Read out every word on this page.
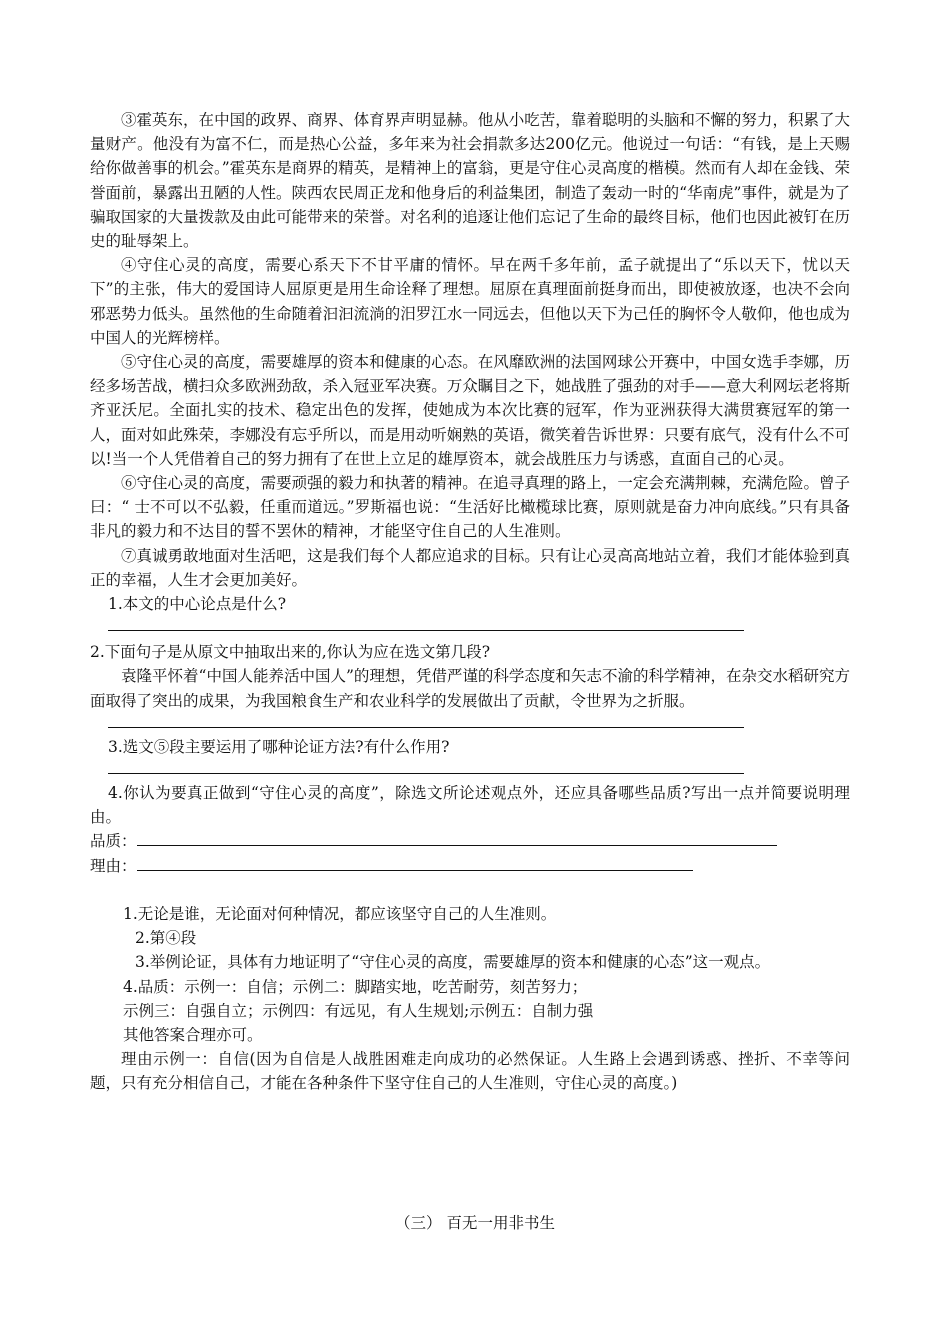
③霍英东，在中国的政界、商界、体育界声明显赫。他从小吃苦，靠着聪明的头脑和不懈的努力，积累了大量财产。他没有为富不仁，而是热心公益，多年来为社会捐款多达200亿元。他说过一句话：“有钱，是上天赐给你做善事的机会。”霍英东是商界的精英，是精神上的富翁，更是守住心灵高度的楷模。然而有人却在金钱、荣誉面前，暴露出丑陋的人性。陕西农民周正龙和他身后的利益集团，制造了轰动一时的“华南虎”事件，就是为了骗取国家的大量拨款及由此可能带来的荣誉。对名利的追逐让他们忘记了生命的最终目标，他们也因此被钉在历史的耻辱架上。

④守住心灵的高度，需要心系天下不甘平庸的情怀。早在两千多年前，孟子就提出了“乐以天下，忧以天下”的主张，伟大的爱国诗人屈原更是用生命诠释了理想。屈原在真理面前挺身而出，即使被放逐，也决不会向邪恶势力低头。虽然他的生命随着汩汩流淌的汨罗江水一同远去，但他以天下为己任的胸怀令人敬仰，他也成为中国人的光辉榜样。

⑤守住心灵的高度，需要雄厚的资本和健康的心态。在风靡欧洲的法国网球公开赛中，中国女选手李娜，历经多场苦战，横扫众多欧洲劲敌，杀入冠亚军决赛。万众瞩目之下，她战胜了强劲的对手——意大利网坛老将斯齐亚沃尼。全面扎实的技术、稳定出色的发挥，使她成为本次比赛的冠军，作为亚洲获得大满贯赛冠军的第一人，面对如此殊荣，李娜没有忘乎所以，而是用动听娴熟的英语，微笑着告诉世界：只要有底气，没有什么不可以!当一个人凭借着自己的努力拥有了在世上立足的雄厚资本，就会战胜压力与诱惑，直面自己的心灵。

⑥守住心灵的高度，需要顽强的毅力和执著的精神。在追寻真理的路上，一定会充满荆棘，充满危险。曾子曰：“ 士不可以不弘毅，任重而道远。”罗斯福也说：“生活好比橄榄球比赛，原则就是奋力冲向底线。”只有具备非凡的毅力和不达目的誓不罢休的精神，才能坚守住自己的人生准则。

⑦真诚勇敢地面对生活吧，这是我们每个人都应追求的目标。只有让心灵高高地站立着，我们才能体验到真正的幸福，人生才会更加美好。

1.本文的中心论点是什么?

2.下面句子是从原文中抽取出来的,你认为应在选文第几段?

袁隆平怀着“中国人能养活中国人”的理想，凭借严谨的科学态度和矢志不渝的科学精神，在杂交水稻研究方面取得了突出的成果，为我国粮食生产和农业科学的发展做出了贡献，令世界为之折服。

3.选文⑤段主要运用了哪种论证方法?有什么作用?

4.你认为要真正做到“守住心灵的高度”，除选文所论述观点外，还应具备哪些品质?写出一点并简要说明理由。

品质：

理由：

1.无论是谁，无论面对何种情况，都应该坚守自己的人生准则。

2.第④段

3.举例论证，具体有力地证明了“守住心灵的高度，需要雄厚的资本和健康的心态”这一观点。

4.品质：示例一：自信；示例二：脚踏实地，吃苦耐劳，刻苦努力；

示例三：自强自立；示例四：有远见，有人生规划;示例五：自制力强

其他答案合理亦可。

理由示例一：自信(因为自信是人战胜困难走向成功的必然保证。人生路上会遇到诱惑、挫折、不幸等问题，只有充分相信自己，才能在各种条件下坚守住自己的人生准则，守住心灵的高度。)

（三） 百无一用非书生
